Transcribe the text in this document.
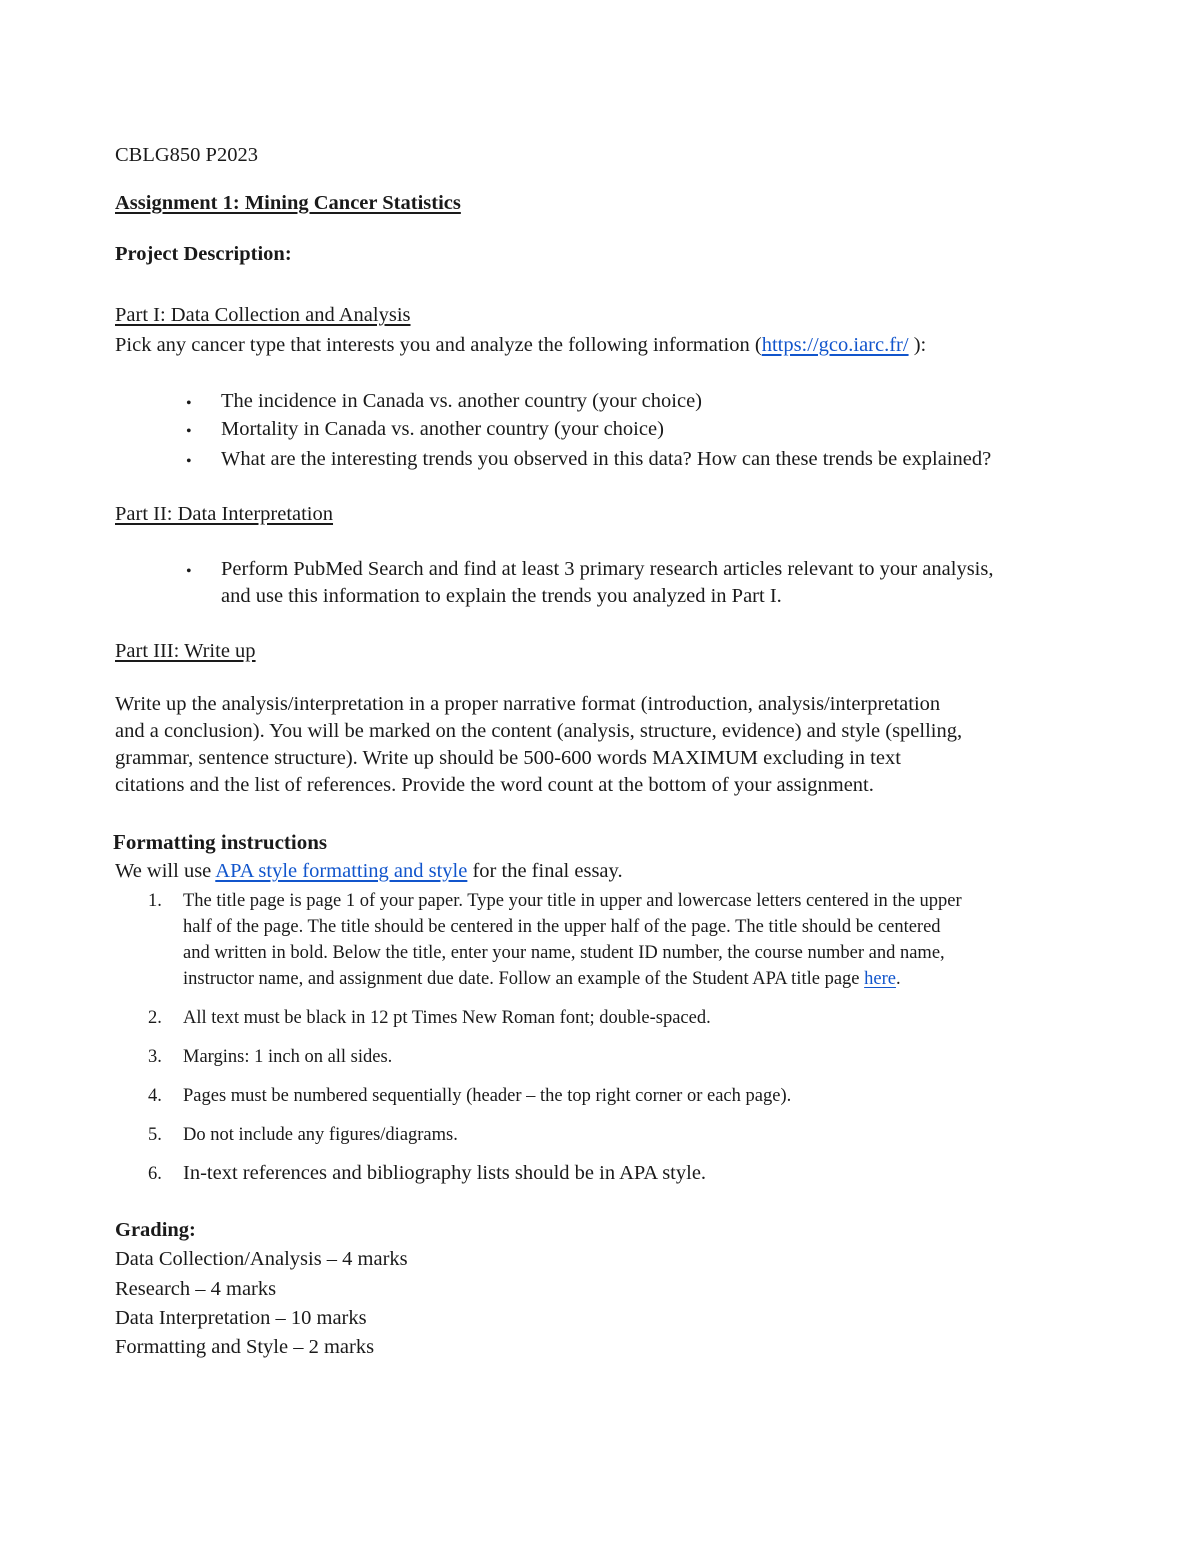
CBLG850 P2023

Assignment 1: Mining Cancer Statistics

Project Description:

Part I: Data Collection and Analysis

Pick any cancer type that interests you and analyze the following information (https://gco.iarc.fr/ ):

• The incidence in Canada vs. another country (your choice)

• Mortality in Canada vs. another country (your choice)

• What are the interesting trends you observed in this data? How can these trends be explained?

Part II: Data Interpretation

• Perform PubMed Search and find at least 3 primary research articles relevant to your analysis,

and use this information to explain the trends you analyzed in Part I.

Part III: Write up

Write up the analysis/interpretation in a proper narrative format (introduction, analysis/interpretation

and a conclusion). You will be marked on the content (analysis, structure, evidence) and style (spelling,

grammar, sentence structure). Write up should be 500-600 words MAXIMUM excluding in text

citations and the list of references. Provide the word count at the bottom of your assignment.

Formatting instructions

We will use APA style formatting and style for the final essay.

1. The title page is page 1 of your paper. Type your title in upper and lowercase letters centered in the upper

half of the page. The title should be centered in the upper half of the page. The title should be centered

and written in bold. Below the title, enter your name, student ID number, the course number and name,

instructor name, and assignment due date. Follow an example of the Student APA title page here.

2. All text must be black in 12 pt Times New Roman font; double-spaced.

3. Margins: 1 inch on all sides.

4. Pages must be numbered sequentially (header – the top right corner or each page).

5. Do not include any figures/diagrams.

6. In-text references and bibliography lists should be in APA style.

Grading:

Data Collection/Analysis – 4 marks

Research – 4 marks

Data Interpretation – 10 marks

Formatting and Style – 2 marks
